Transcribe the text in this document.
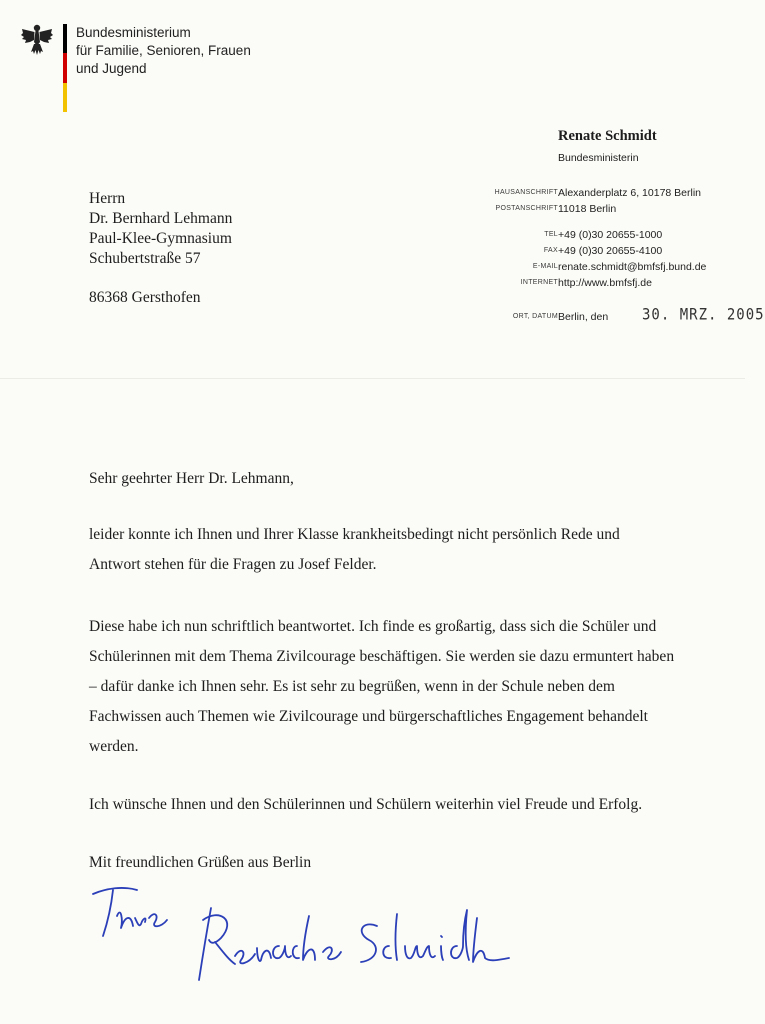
Bundesministerium
für Familie, Senioren, Frauen
und Jugend
Renate Schmidt
Bundesministerin
Herrn
Dr. Bernhard Lehmann
Paul-Klee-Gymnasium
Schubertstraße 57
86368 Gersthofen
HAUSANSCHRIFT Alexanderplatz 6, 10178 Berlin
POSTANSCHRIFT 11018 Berlin
TEL +49 (0)30 20655-1000
FAX +49 (0)30 20655-4100
E-MAIL renate.schmidt@bmfsfj.bund.de
INTERNET http://www.bmfsfj.de
ORT, DATUM Berlin, den 30. MRZ. 2005
Sehr geehrter Herr Dr. Lehmann,
leider konnte ich Ihnen und Ihrer Klasse krankheitsbedingt nicht persönlich Rede und
Antwort stehen für die Fragen zu Josef Felder.
Diese habe ich nun schriftlich beantwortet. Ich finde es großartig, dass sich die Schüler und
Schülerinnen mit dem Thema Zivilcourage beschäftigen. Sie werden sie dazu ermuntert haben
– dafür danke ich Ihnen sehr. Es ist sehr zu begrüßen, wenn in der Schule neben dem
Fachwissen auch Themen wie Zivilcourage und bürgerschaftliches Engagement behandelt
werden.
Ich wünsche Ihnen und den Schülerinnen und Schülern weiterhin viel Freude und Erfolg.
Mit freundlichen Grüßen aus Berlin
